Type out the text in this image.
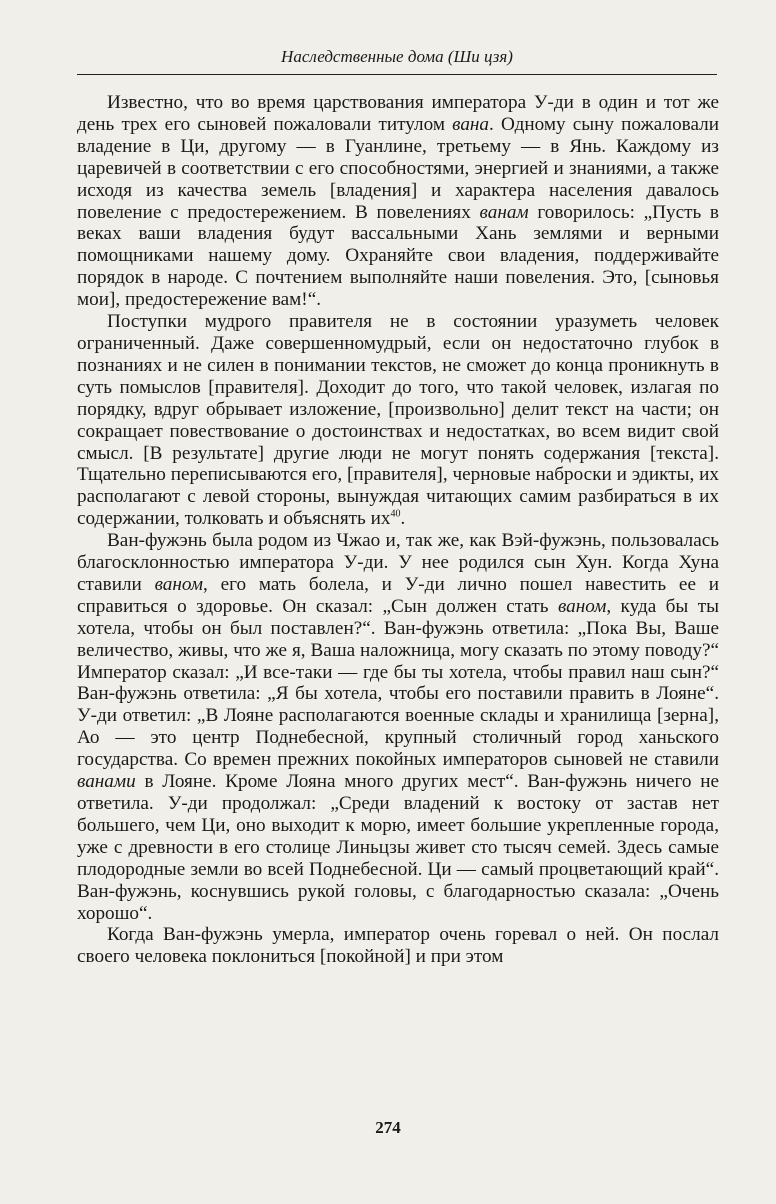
Наследственные дома (Ши цзя)

Известно, что во время царствования императора У-ди в один и тот же день трех его сыновей пожаловали титулом вана. Одному сыну пожаловали владение в Ци, другому — в Гуанлине, третьему — в Янь. Каждому из царевичей в соответствии с его способностями, энергией и знаниями, а также исходя из качества земель [владения] и характера населения давалось повеление с предостережением. В повелениях ванам говорилось: „Пусть в веках ваши владения будут вассальными Хань землями и верными помощниками нашему дому. Охраняйте свои владения, поддерживайте порядок в народе. С почтением выполняйте наши повеления. Это, [сыновья мои], предостережение вам!“.

Поступки мудрого правителя не в состоянии уразуметь человек ограниченный. Даже совершенномудрый, если он недостаточно глубок в познаниях и не силен в понимании текстов, не сможет до конца проникнуть в суть помыслов [правителя]. Доходит до того, что такой человек, излагая по порядку, вдруг обрывает изложение, [произвольно] делит текст на части; он сокращает повествование о достоинствах и недостатках, во всем видит свой смысл. [В результате] другие люди не могут понять содержания [текста]. Тщательно переписываются его, [правителя], черновые наброски и эдикты, их располагают с левой стороны, вынуждая читающих самим разбираться в их содержании, толковать и объяснять $их^{40}$.

Ван-фужэнь была родом из Чжао и, так же, как Вэй-фужэнь, пользовалась благосклонностью императора У-ди. У нее родился сын Хун. Когда Хуна ставили ваном, его мать болела, и У-ди лично пошел навестить ее и справиться о здоровье. Он сказал: „Сын должен стать ваном, куда бы ты хотела, чтобы он был поставлен?“. Ван-фужэнь ответила: „Пока Вы, Ваше величество, живы, что же я, Ваша наложница, могу сказать по этому поводу?“ Император сказал: „И все-таки — где бы ты хотела, чтобы правил наш сын?“ Ван-фужэнь ответила: „Я бы хотела, чтобы его поставили править в Лояне“. У-ди ответил: „В Лояне располагаются военные склады и хранилища [зерна], Ао — это центр Поднебесной, крупный столичный город ханьского государства. Со времен прежних покойных императоров сыновей не ставили ванами в Лояне. Кроме Лояна много других мест“. Ван-фужэнь ничего не ответила. У-ди продолжал: „Среди владений к востоку от застав нет большего, чем Ци, оно выходит к морю, имеет большие укрепленные города, уже с древности в его столице Линьцзы живет сто тысяч семей. Здесь самые плодородные земли во всей Поднебесной. Ци — самый процветающий край“. Ван-фужэнь, коснувшись рукой головы, с благодарностью сказала: „Очень хорошо“.

Когда Ван-фужэнь умерла, император очень горевал о ней. Он послал своего человека поклониться [покойной] и при этом

274
